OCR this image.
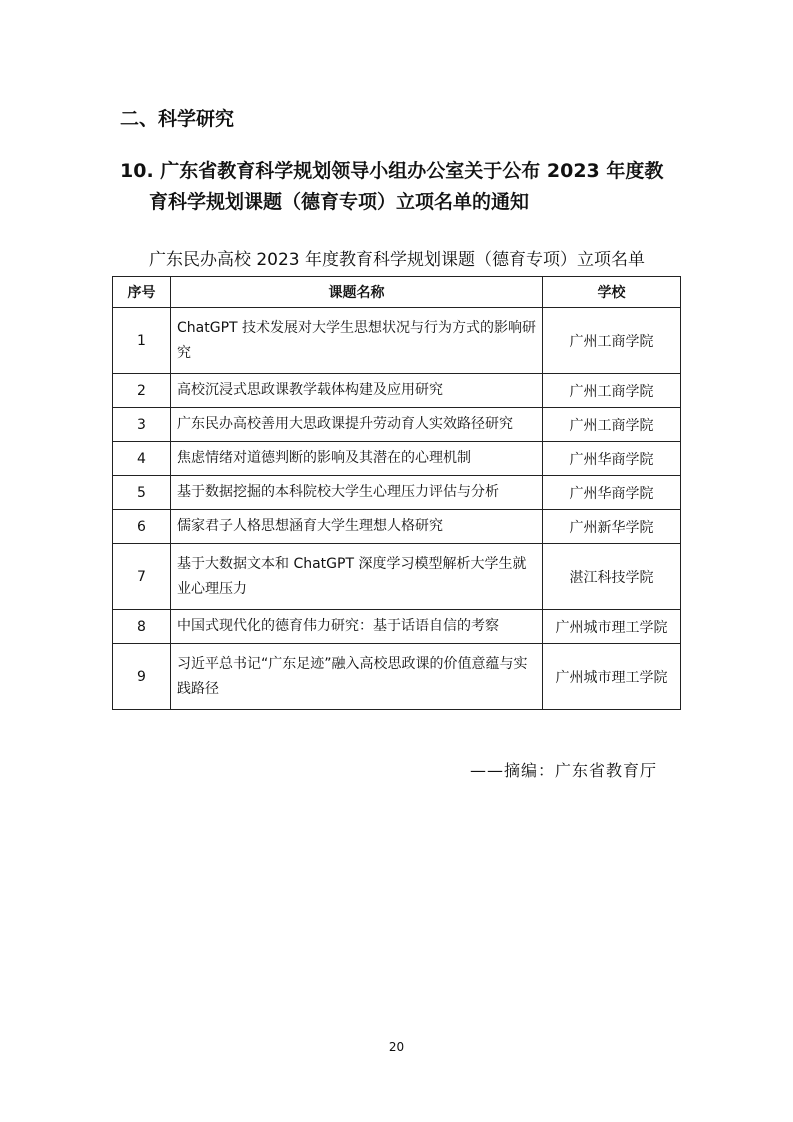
二、科学研究
10. 广东省教育科学规划领导小组办公室关于公布 2023 年度教
育科学规划课题（德育专项）立项名单的通知
广东民办高校 2023 年度教育科学规划课题（德育专项）立项名单
序号	课题名称	学校
1	ChatGPT 技术发展对大学生思想状况与行为方式的影响研究	广州工商学院
2	高校沉浸式思政课教学载体构建及应用研究	广州工商学院
3	广东民办高校善用大思政课提升劳动育人实效路径研究	广州工商学院
4	焦虑情绪对道德判断的影响及其潜在的心理机制	广州华商学院
5	基于数据挖掘的本科院校大学生心理压力评估与分析	广州华商学院
6	儒家君子人格思想涵育大学生理想人格研究	广州新华学院
7	基于大数据文本和 ChatGPT 深度学习模型解析大学生就业心理压力	湛江科技学院
8	中国式现代化的德育伟力研究：基于话语自信的考察	广州城市理工学院
9	习近平总书记“广东足迹”融入高校思政课的价值意蕴与实践路径	广州城市理工学院
——摘编：广东省教育厅
20
